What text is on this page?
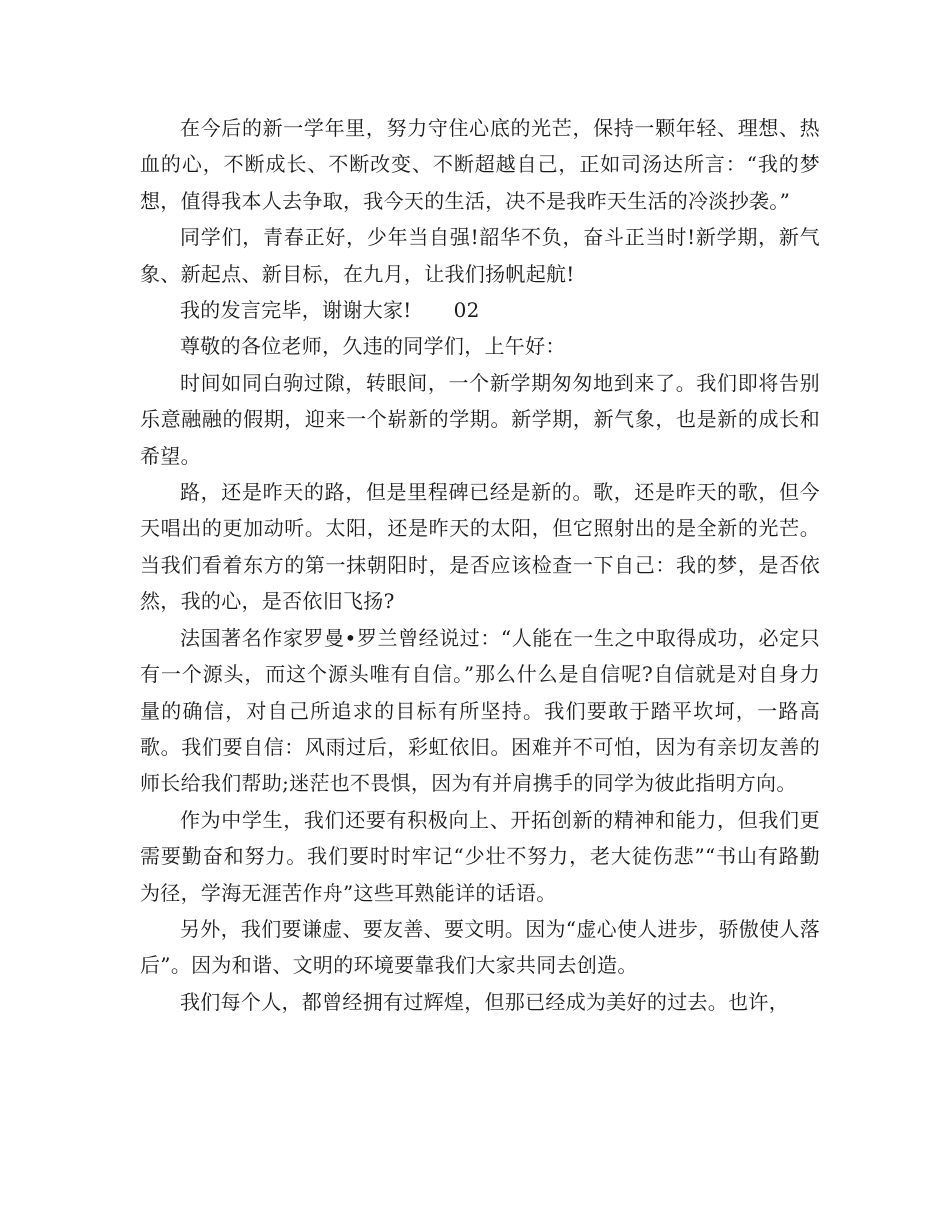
在今后的新一学年里，努力守住心底的光芒，保持一颗年轻、理想、热血的心，不断成长、不断改变、不断超越自己，正如司汤达所言：“我的梦想，值得我本人去争取，我今天的生活，决不是我昨天生活的冷淡抄袭。”

同学们，青春正好，少年当自强!韶华不负，奋斗正当时!新学期，新气象、新起点、新目标，在九月，让我们扬帆起航!

我的发言完毕，谢谢大家! 02

尊敬的各位老师，久违的同学们，上午好：

时间如同白驹过隙，转眼间，一个新学期匆匆地到来了。我们即将告别乐意融融的假期，迎来一个崭新的学期。新学期，新气象，也是新的成长和希望。

路，还是昨天的路，但是里程碑已经是新的。歌，还是昨天的歌，但今天唱出的更加动听。太阳，还是昨天的太阳，但它照射出的是全新的光芒。当我们看着东方的第一抹朝阳时，是否应该检查一下自己：我的梦，是否依然，我的心，是否依旧飞扬?

法国著名作家罗曼•罗兰曾经说过：“人能在一生之中取得成功，必定只有一个源头，而这个源头唯有自信。”那么什么是自信呢?自信就是对自身力量的确信，对自己所追求的目标有所坚持。我们要敢于踏平坎坷，一路高歌。我们要自信：风雨过后，彩虹依旧。困难并不可怕，因为有亲切友善的师长给我们帮助;迷茫也不畏惧，因为有并肩携手的同学为彼此指明方向。

作为中学生，我们还要有积极向上、开拓创新的精神和能力，但我们更需要勤奋和努力。我们要时时牢记“少壮不努力，老大徒伤悲”“书山有路勤为径，学海无涯苦作舟”这些耳熟能详的话语。

另外，我们要谦虚、要友善、要文明。因为“虚心使人进步，骄傲使人落后”。因为和谐、文明的环境要靠我们大家共同去创造。

我们每个人，都曾经拥有过辉煌，但那已经成为美好的过去。也许，
